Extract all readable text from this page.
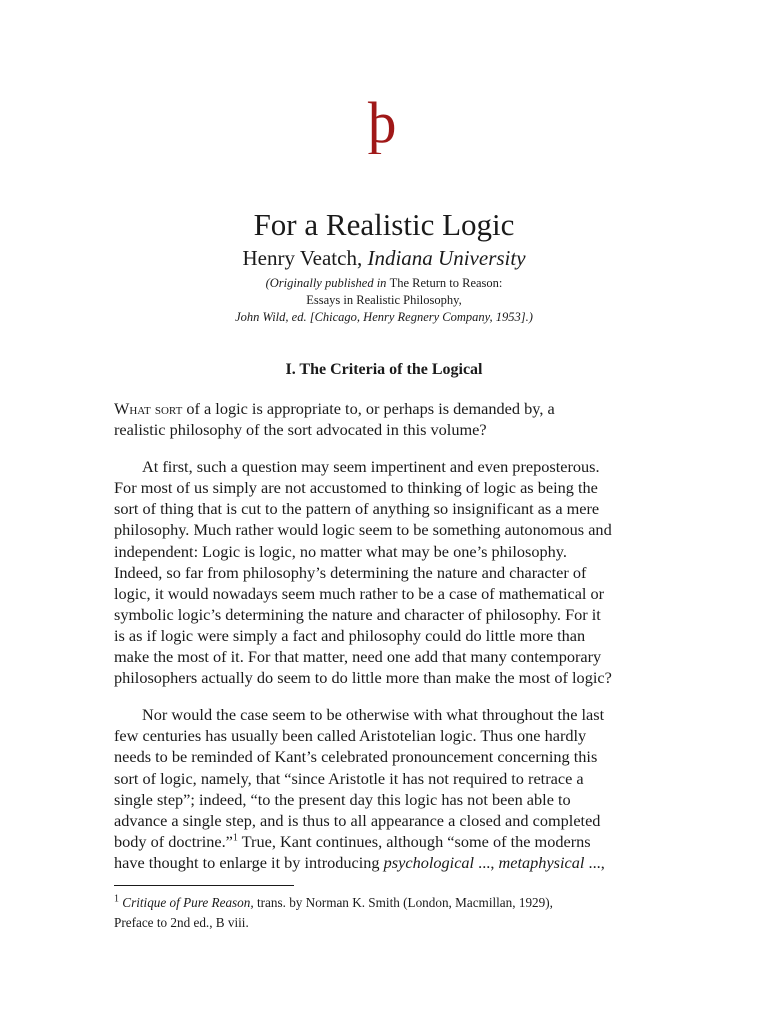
þ
For a Realistic Logic
Henry Veatch, Indiana University
(Originally published in The Return to Reason:
Essays in Realistic Philosophy,
John Wild, ed. [Chicago, Henry Regnery Company, 1953].)
I. The Criteria of the Logical
What sort of a logic is appropriate to, or perhaps is demanded by, a
realistic philosophy of the sort advocated in this volume?
At first, such a question may seem impertinent and even preposterous.
For most of us simply are not accustomed to thinking of logic as being the
sort of thing that is cut to the pattern of anything so insignificant as a mere
philosophy. Much rather would logic seem to be something autonomous and
independent: Logic is logic, no matter what may be one’s philosophy.
Indeed, so far from philosophy’s determining the nature and character of
logic, it would nowadays seem much rather to be a case of mathematical or
symbolic logic’s determining the nature and character of philosophy. For it
is as if logic were simply a fact and philosophy could do little more than
make the most of it. For that matter, need one add that many contemporary
philosophers actually do seem to do little more than make the most of logic?
Nor would the case seem to be otherwise with what throughout the last
few centuries has usually been called Aristotelian logic. Thus one hardly
needs to be reminded of Kant’s celebrated pronouncement concerning this
sort of logic, namely, that “since Aristotle it has not required to retrace a
single step”; indeed, “to the present day this logic has not been able to
advance a single step, and is thus to all appearance a closed and completed
body of doctrine.”$^1$ True, Kant continues, although “some of the moderns
have thought to enlarge it by introducing psychological ..., metaphysical ...,
$^1$ Critique of Pure Reason, trans. by Norman K. Smith (London, Macmillan, 1929),
Preface to 2nd ed., B viii.
